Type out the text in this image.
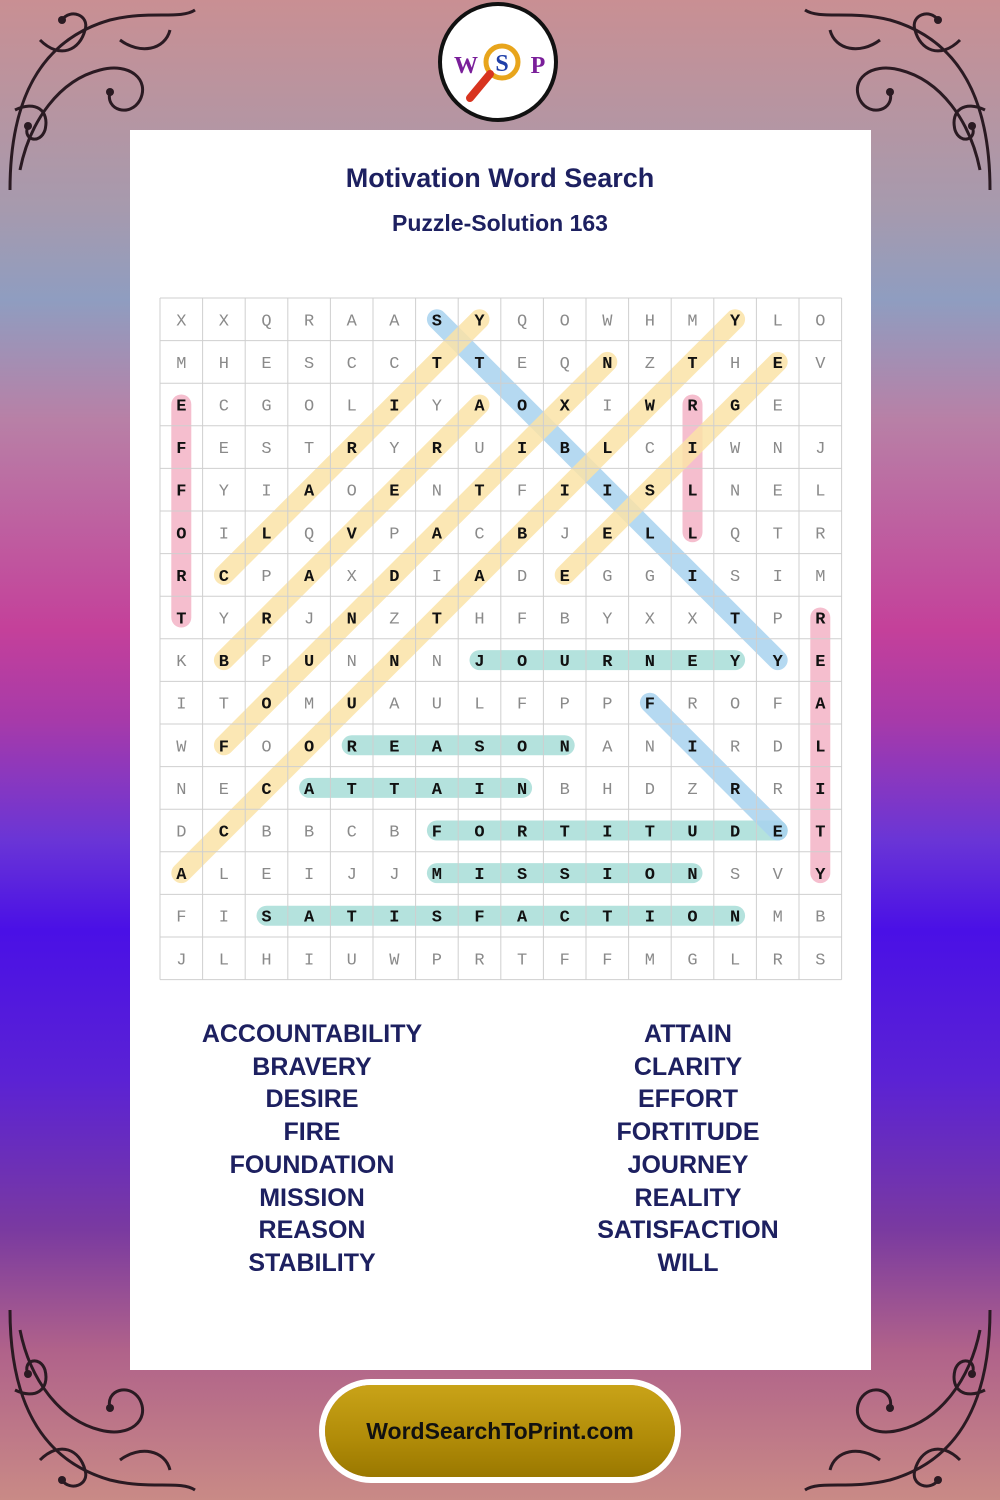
W S P
Motivation Word Search
Puzzle-Solution 163
X X Q R A A S Y Q O W H M Y L O
M H E S C C T T E Q N Z T H E V
E C G O L I Y A O X I W R G E
F E S T R Y R U I B L C I W N J
F Y I A O E N T F I I S L N E L
O I L Q V P A C B J E L L Q T R
R C P A X D I A D E G G I S I M
T Y R J N Z T H F B Y X X T P R
K B P U N N N J O U R N E Y Y E
I T O M U A U L F P P F R O F A
W F O O R E A S O N A N I R D L
N E C A T T A I N B H D Z R R I
D C B B C B F O R T I T U D E T
A L E I J J M I S S I O N S V Y
F I S A T I S F A C T I O N M B
J L H I U W P R T F F M G L R S
ACCOUNTABILITY
BRAVERY
DESIRE
FIRE
FOUNDATION
MISSION
REASON
STABILITY
ATTAIN
CLARITY
EFFORT
FORTITUDE
JOURNEY
REALITY
SATISFACTION
WILL
WordSearchToPrint.com
